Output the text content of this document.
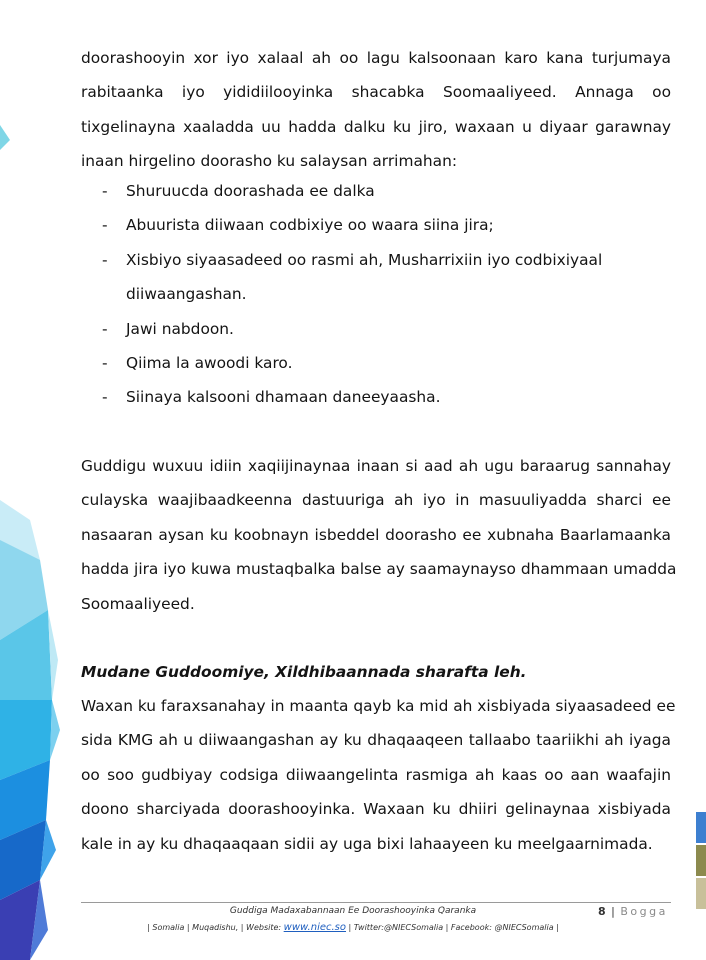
doorashooyin xor iyo xalaal ah oo lagu kalsoonaan karo kana turjumaya
rabitaanka iyo yididiilooyinka shacabka Soomaaliyeed. Annaga oo
tixgelinayna xaaladda uu hadda dalku ku jiro, waxaan u diyaar garawnay
inaan hirgelino doorasho ku salaysan arrimahan:

- Shuruucda doorashada ee dalka
- Abuurista diiwaan codbixiye oo waara siina jira;
- Xisbiyo siyaasadeed oo rasmi ah, Musharrixiin iyo codbixiyaal
diiwaangashan.
- Jawi nabdoon.
- Qiima la awoodi karo.
- Siinaya kalsooni dhamaan daneeyaasha.

Guddigu wuxuu idiin xaqiijinaynaa inaan si aad ah ugu baraarug sannahay
culayska waajibaadkeenna dastuuriga ah iyo in masuuliyadda sharci ee
nasaaran aysan ku koobnayn isbeddel doorasho ee xubnaha Baarlamaanka
hadda jira iyo kuwa mustaqbalka balse ay saamaynayso dhammaan umadda
Soomaaliyeed.

Mudane Guddoomiye, Xildhibaannada sharafta leh.

Waxan ku faraxsanahay in maanta qayb ka mid ah xisbiyada siyaasadeed ee
sida KMG ah u diiwaangashan ay ku dhaqaaqeen tallaabo taariikhi ah iyaga
oo soo gudbiyay codsiga diiwaangelinta rasmiga ah kaas oo aan waafajin
doono sharciyada doorashooyinka. Waxaan ku dhiiri gelinaynaa xisbiyada
kale in ay ku dhaqaaqaan sidii ay uga bixi lahaayeen ku meelgaarnimada.

Guddiga Madaxabannaan Ee Doorashooyinka Qaranka	8 | Bogga
| Somalia | Muqadishu, | Website: www.niec.so | Twitter:@NIECSomalia | Facebook: @NIECSomalia |
